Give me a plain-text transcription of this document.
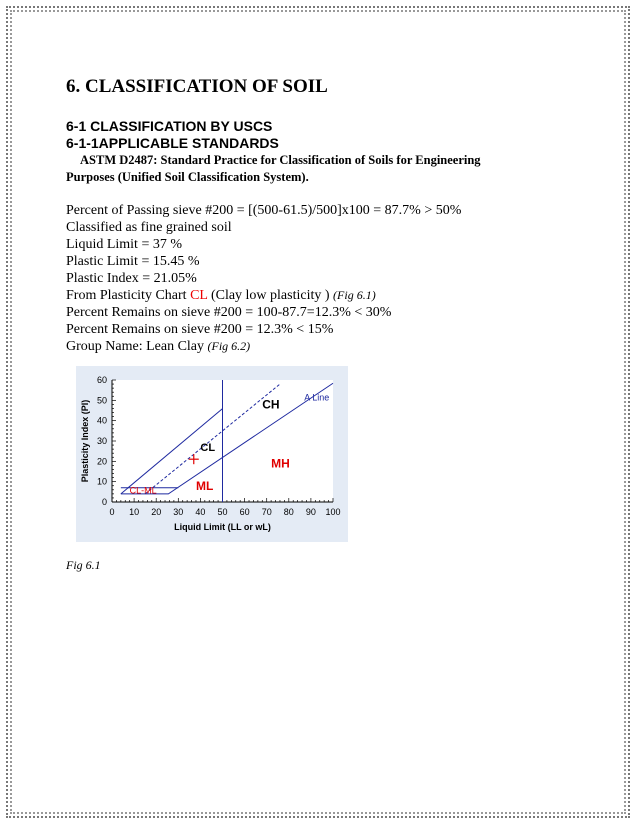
6. CLASSIFICATION OF SOIL
6-1 CLASSIFICATION BY USCS
6-1-1APPLICABLE STANDARDS
ASTM D2487: Standard Practice for Classification of Soils for Engineering
Purposes (Unified Soil Classification System).
Percent of Passing sieve #200 = [(500-61.5)/500]x100 = 87.7% > 50%
Classified as fine grained soil
Liquid Limit = 37 %
Plastic Limit = 15.45 %
Plastic Index = 21.05%
From Plasticity Chart CL (Clay low plasticity ) (Fig 6.1)
Percent Remains on sieve #200 = 100-87.7=12.3% < 30%
Percent Remains on sieve #200 = 12.3% < 15%
Group Name: Lean Clay (Fig 6.2)
Fig 6.1
0 10 20 30 40 50 60 70 80 90 100
0
10
20
30
40
50
60
Liquid Limit (LL or wL)
Plasticity Index (PI)	CH
CL
MH
ML
CL-ML
A Line
